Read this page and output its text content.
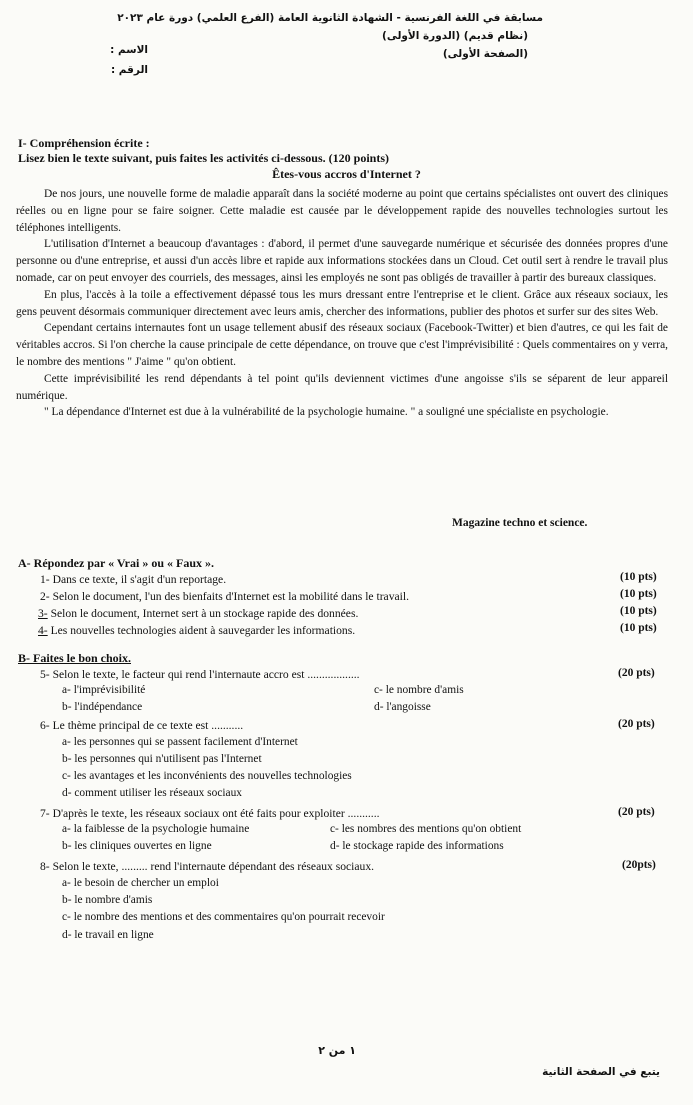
مسابقة في اللغة الفرنسية - الشهادة الثانوية العامة (الفرع العلمي) دورة عام ٢٠٢٣
(نظام قديم) (الدورة الأولى)
(الصفحة الأولى)
الاسم :
الرقم :
I- Compréhension écrite :
Lisez bien le texte suivant, puis faites les activités ci-dessous. (120 points)
Êtes-vous accros d'Internet ?

De nos jours, une nouvelle forme de maladie apparaît dans la société moderne au point que certains spécialistes ont ouvert des cliniques réelles ou en ligne pour se faire soigner. Cette maladie est causée par le développement rapide des nouvelles technologies surtout les téléphones intelligents.

L'utilisation d'Internet a beaucoup d'avantages : d'abord, il permet d'une sauvegarde numérique et sécurisée des données propres d'une personne ou d'une entreprise, et aussi d'un accès libre et rapide aux informations stockées dans un Cloud. Cet outil sert à rendre le travail plus nomade, car on peut envoyer des courriels, des messages, ainsi les employés ne sont pas obligés de travailler à partir des bureaux classiques.

En plus, l'accès à la toile a effectivement dépassé tous les murs dressant entre l'entreprise et le client. Grâce aux réseaux sociaux, les gens peuvent désormais communiquer directement avec leurs amis, chercher des informations, publier des photos et surfer sur des sites Web.

Cependant certains internautes font un usage tellement abusif des réseaux sociaux (Facebook-Twitter) et bien d'autres, ce qui les fait de véritables accros. Si l'on cherche la cause principale de cette dépendance, on trouve que c'est l'imprévisibilité : Quels commentaires on y verra, le nombre des mentions " J'aime " qu'on obtient.

Cette imprévisibilité les rend dépendants à tel point qu'ils deviennent victimes d'une angoisse s'ils se séparent de leur appareil numérique.

" La dépendance d'Internet est due à la vulnérabilité de la psychologie humaine. " a souligné une spécialiste en psychologie.

Magazine techno et science.
A- Répondez par « Vrai » ou « Faux ».
1- Dans ce texte, il s'agit d'un reportage.	(10 pts)
2- Selon le document, l'un des bienfaits d'Internet est la mobilité dans le travail.	(10 pts)
3- Selon le document, Internet sert à un stockage rapide des données.	(10 pts)
4- Les nouvelles technologies aident à sauvegarder les informations.	(10 pts)
B- Faites le bon choix.
5- Selon le texte, le facteur qui rend l'internaute accro est ..................	(20 pts)
a- l'imprévisibilité	c- le nombre d'amis
b- l'indépendance	d- l'angoisse
6- Le thème principal de ce texte est ...........	(20 pts)
a- les personnes qui se passent facilement d'Internet
b- les personnes qui n'utilisent pas l'Internet
c- les avantages et les inconvénients des nouvelles technologies
d- comment utiliser les réseaux sociaux
7- D'après le texte, les réseaux sociaux ont été faits pour exploiter ...........	(20 pts)
a- la faiblesse de la psychologie humaine	c- les nombres des mentions qu'on obtient
b- les cliniques ouvertes en ligne	d- le stockage rapide des informations
8- Selon le texte, ......... rend l'internaute dépendant des réseaux sociaux.	(20pts)
a- le besoin de chercher un emploi
b- le nombre d'amis
c- le nombre des mentions et des commentaires qu'on pourrait recevoir
d- le travail en ligne
١ من ٢
يتبع في الصفحة الثانية
